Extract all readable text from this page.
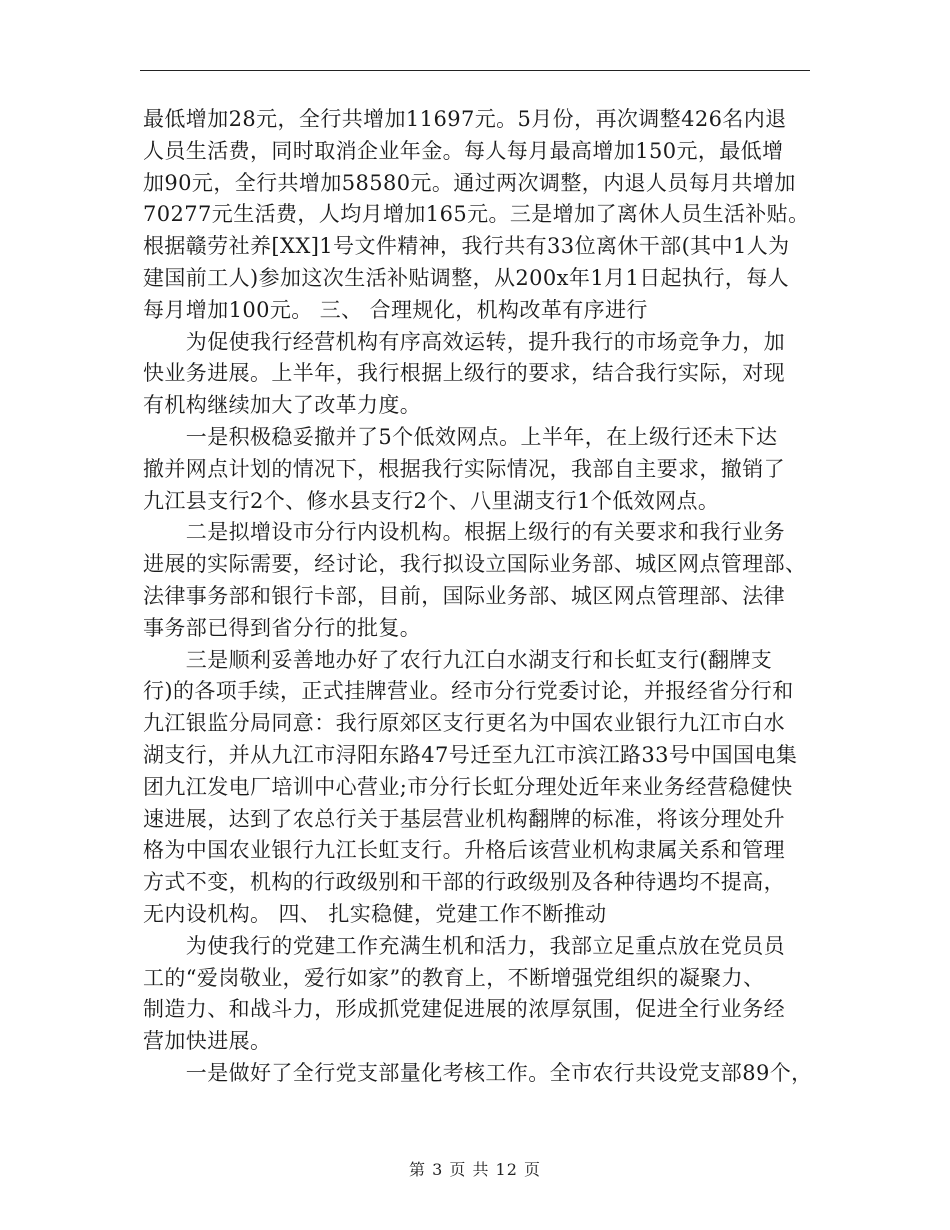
最低增加28元，全行共增加11697元。5月份，再次调整426名内退
人员生活费，同时取消企业年金。每人每月最高增加150元，最低增
加90元，全行共增加58580元。通过两次调整，内退人员每月共增加
70277元生活费，人均月增加165元。三是增加了离休人员生活补贴。
根据赣劳社养[XX]1号文件精神，我行共有33位离休干部(其中1人为
建国前工人)参加这次生活补贴调整，从200x年1月1日起执行，每人
每月增加100元。 三、 合理规化，机构改革有序进行
　　为促使我行经营机构有序高效运转，提升我行的市场竞争力，加
快业务进展。上半年，我行根据上级行的要求，结合我行实际，对现
有机构继续加大了改革力度。
　　一是积极稳妥撤并了5个低效网点。上半年，在上级行还未下达
撤并网点计划的情况下，根据我行实际情况，我部自主要求，撤销了
九江县支行2个、修水县支行2个、八里湖支行1个低效网点。
　　二是拟增设市分行内设机构。根据上级行的有关要求和我行业务
进展的实际需要，经讨论，我行拟设立国际业务部、城区网点管理部、
法律事务部和银行卡部，目前，国际业务部、城区网点管理部、法律
事务部已得到省分行的批复。
　　三是顺利妥善地办好了农行九江白水湖支行和长虹支行(翻牌支
行)的各项手续，正式挂牌营业。经市分行党委讨论，并报经省分行和
九江银监分局同意：我行原郊区支行更名为中国农业银行九江市白水
湖支行，并从九江市浔阳东路47号迁至九江市滨江路33号中国国电集
团九江发电厂培训中心营业;市分行长虹分理处近年来业务经营稳健快
速进展，达到了农总行关于基层营业机构翻牌的标准，将该分理处升
格为中国农业银行九江长虹支行。升格后该营业机构隶属关系和管理
方式不变，机构的行政级别和干部的行政级别及各种待遇均不提高，
无内设机构。 四、 扎实稳健，党建工作不断推动
　　为使我行的党建工作充满生机和活力，我部立足重点放在党员员
工的“爱岗敬业，爱行如家”的教育上，不断增强党组织的凝聚力、
制造力、和战斗力，形成抓党建促进展的浓厚氛围，促进全行业务经
营加快进展。
　　一是做好了全行党支部量化考核工作。全市农行共设党支部89个，
第 3 页 共 12 页
